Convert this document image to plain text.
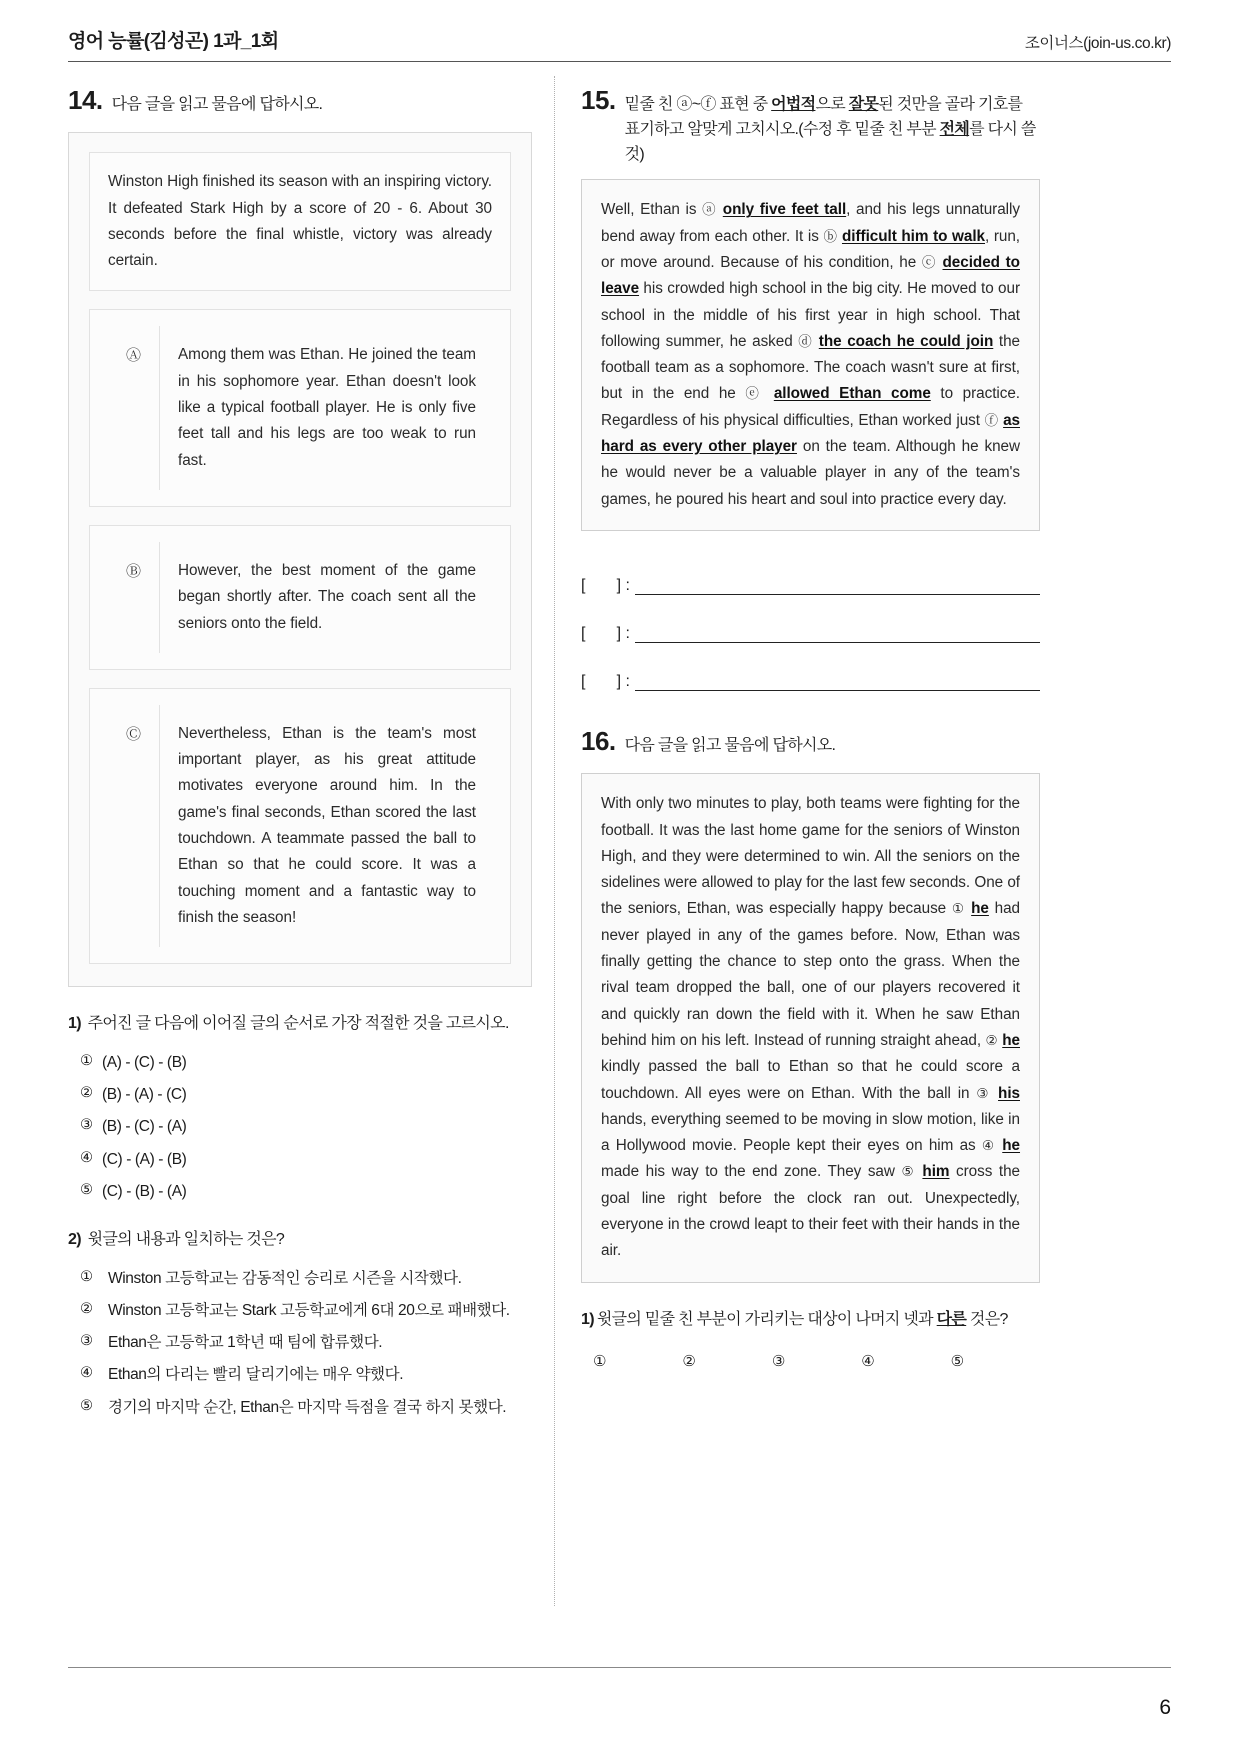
영어 능률(김성곤) 1과_1회	조이너스(join-us.co.kr)
14. 다음 글을 읽고 물음에 답하시오.
Winston High finished its season with an inspiring victory. It defeated Stark High by a score of 20 - 6. About 30 seconds before the final whistle, victory was already certain.
Ⓐ	Among them was Ethan. He joined the team in his sophomore year. Ethan doesn't look like a typical football player. He is only five feet tall and his legs are too weak to run fast.
Ⓑ	However, the best moment of the game began shortly after. The coach sent all the seniors onto the field.
Ⓒ	Nevertheless, Ethan is the team's most important player, as his great attitude motivates everyone around him. In the game's final seconds, Ethan scored the last touchdown. A teammate passed the ball to Ethan so that he could score. It was a touching moment and a fantastic way to finish the season!
1) 주어진 글 다음에 이어질 글의 순서로 가장 적절한 것을 고르시오.
① (A) - (C) - (B)
② (B) - (A) - (C)
③ (B) - (C) - (A)
④ (C) - (A) - (B)
⑤ (C) - (B) - (A)
2) 윗글의 내용과 일치하는 것은?
① Winston 고등학교는 감동적인 승리로 시즌을 시작했다.
② Winston 고등학교는 Stark 고등학교에게 6대 20으로 패배했다.
③ Ethan은 고등학교 1학년 때 팀에 합류했다.
④ Ethan의 다리는 빨리 달리기에는 매우 약했다.
⑤ 경기의 마지막 순간, Ethan은 마지막 득점을 결국 하지 못했다.
15. 밑줄 친 ⓐ~ⓕ 표현 중 어법적으로 잘못된 것만을 골라 기호를 표기하고 알맞게 고치시오.(수정 후 밑줄 친 부분 전체를 다시 쓸 것)
Well, Ethan is ⓐ only five feet tall, and his legs unnaturally bend away from each other. It is ⓑ difficult him to walk, run, or move around. Because of his condition, he ⓒ decided to leave his crowded high school in the big city. He moved to our school in the middle of his first year in high school. That following summer, he asked ⓓ the coach he could join the football team as a sophomore. The coach wasn't sure at first, but in the end he ⓔ allowed Ethan come to practice. Regardless of his physical difficulties, Ethan worked just ⓕ as hard as every other player on the team. Although he knew he would never be a valuable player in any of the team's games, he poured his heart and soul into practice every day.
[       ] :
[       ] :
[       ] :
16. 다음 글을 읽고 물음에 답하시오.
With only two minutes to play, both teams were fighting for the football. It was the last home game for the seniors of Winston High, and they were determined to win. All the seniors on the sidelines were allowed to play for the last few seconds. One of the seniors, Ethan, was especially happy because ① he had never played in any of the games before. Now, Ethan was finally getting the chance to step onto the grass. When the rival team dropped the ball, one of our players recovered it and quickly ran down the field with it. When he saw Ethan behind him on his left. Instead of running straight ahead, ② he kindly passed the ball to Ethan so that he could score a touchdown. All eyes were on Ethan. With the ball in ③ his hands, everything seemed to be moving in slow motion, like in a Hollywood movie. People kept their eyes on him as ④ he made his way to the end zone. They saw ⑤ him cross the goal line right before the clock ran out. Unexpectedly, everyone in the crowd leapt to their feet with their hands in the air.
1) 윗글의 밑줄 친 부분이 가리키는 대상이 나머지 넷과 다른 것은?
①	②	③	④	⑤
6
